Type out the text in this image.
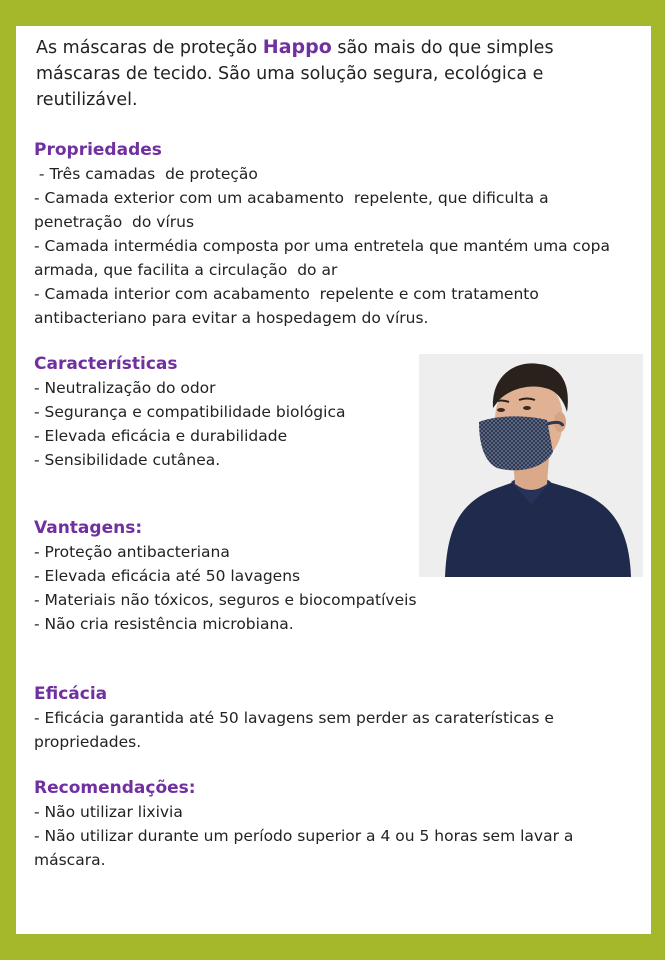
As máscaras de proteção Happo são mais do que simples máscaras de tecido. São uma solução segura, ecológica e reutilizável.

Propriedades

- Três camadas  de proteção

- Camada exterior com um acabamento  repelente, que dificulta a

penetração  do vírus

- Camada intermédia composta por uma entretela que mantém uma copa

armada, que facilita a circulação  do ar

- Camada interior com acabamento  repelente e com tratamento

antibacteriano para evitar a hospedagem do vírus.

Características

- Neutralização do odor

- Segurança e compatibilidade biológica

- Elevada eficácia e durabilidade

- Sensibilidade cutânea.

Vantagens:

- Proteção antibacteriana

- Elevada eficácia até 50 lavagens

- Materiais não tóxicos, seguros e biocompatíveis

- Não cria resistência microbiana.

Eficácia

- Eficácia garantida até 50 lavagens sem perder as caraterísticas e

propriedades.

Recomendações:

- Não utilizar lixivia

- Não utilizar durante um período superior a 4 ou 5 horas sem lavar a

máscara.
